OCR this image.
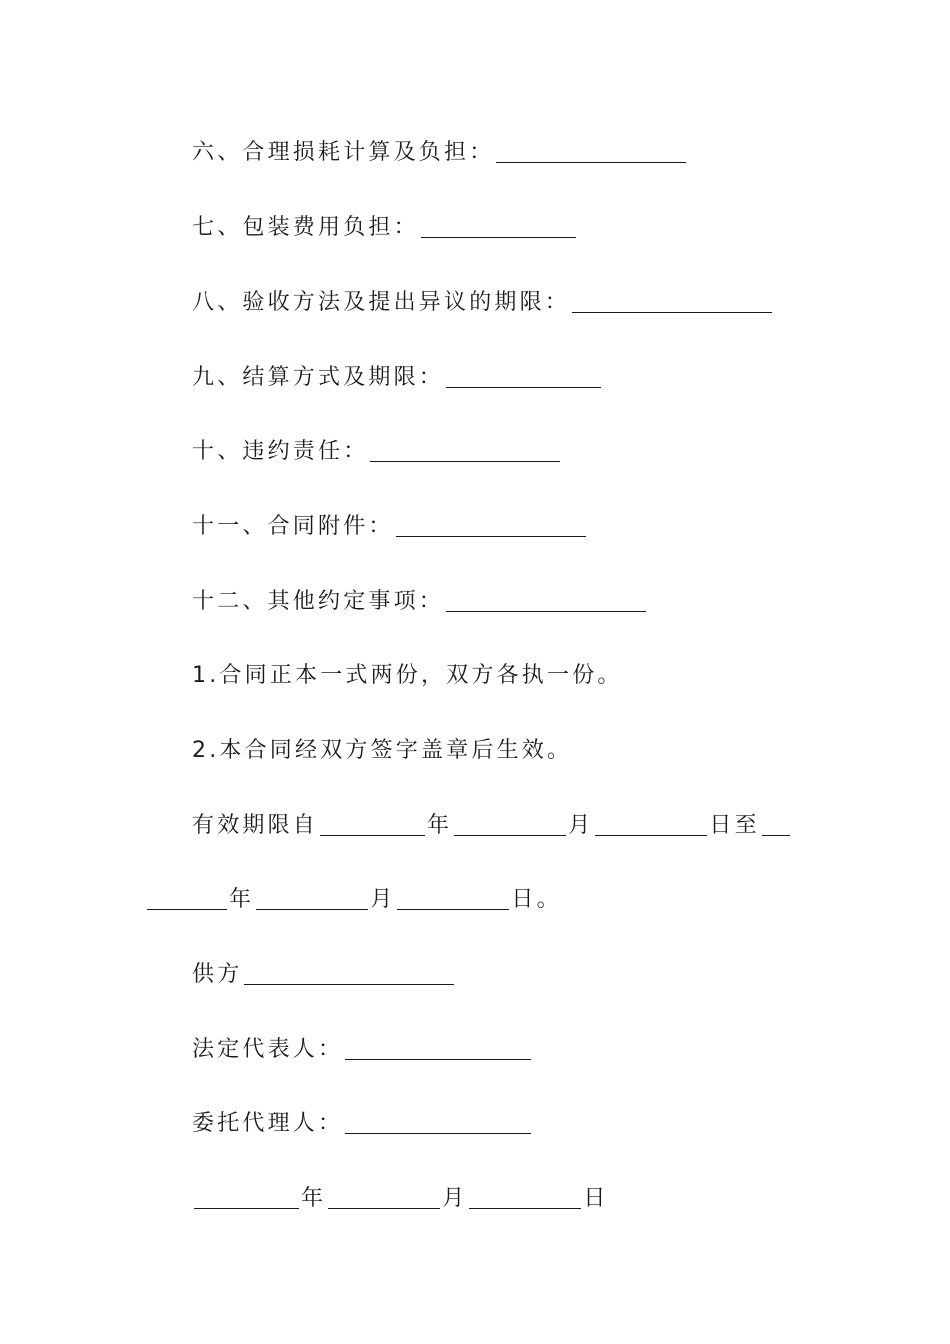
六、合理损耗计算及负担：
七、包装费用负担：
八、验收方法及提出异议的期限：
九、结算方式及期限：
十、违约责任：
十一、合同附件：
十二、其他约定事项：
1.合同正本一式两份，双方各执一份。
2.本合同经双方签字盖章后生效。
有效期限自	年	月	日至
年	月	日。
供方
法定代表人：
委托代理人：
年	月	日
